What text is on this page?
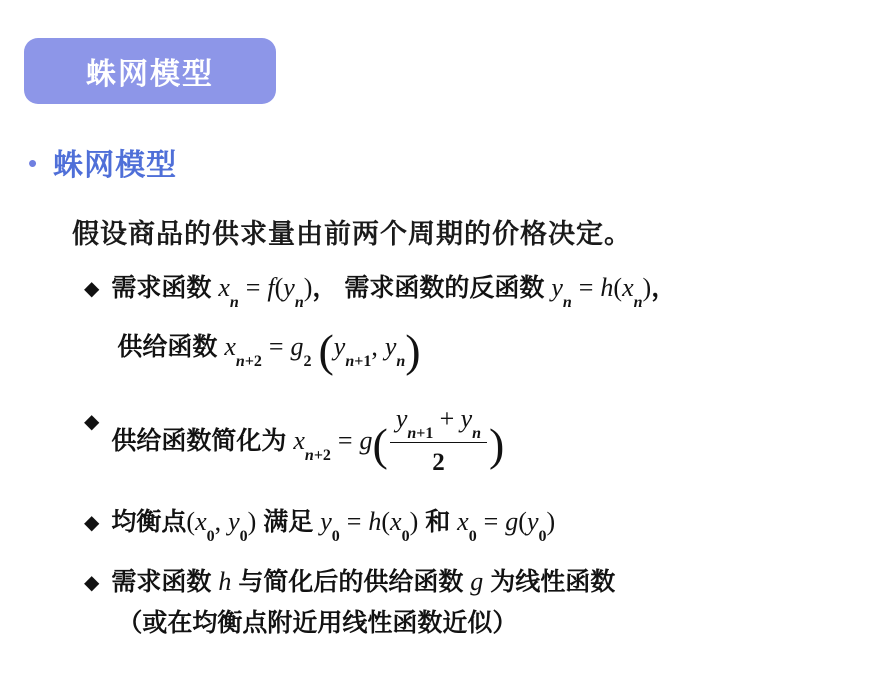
蛛网模型
• 蛛网模型
假设商品的供求量由前两个周期的价格决定。
◆ 需求函数 $x_n = f(y_n)$， 需求函数的反函数 $y_n = h(x_n)$，
供给函数 $x_{n+2} = g_2$ ($y_{n+1}$, $y_n$)
◆
供给函数简化为 $x_{n+2} = g( \frac{y_{n+1} + y_n}{2}$ )
◆ 均衡点($x_0$, $y_0$) 满足 $y_0 = h(x_0)$ 和 $x_0 = g(y_0)$
◆ 需求函数 h 与简化后的供给函数 g 为线性函数
（或在均衡点附近用线性函数近似）
